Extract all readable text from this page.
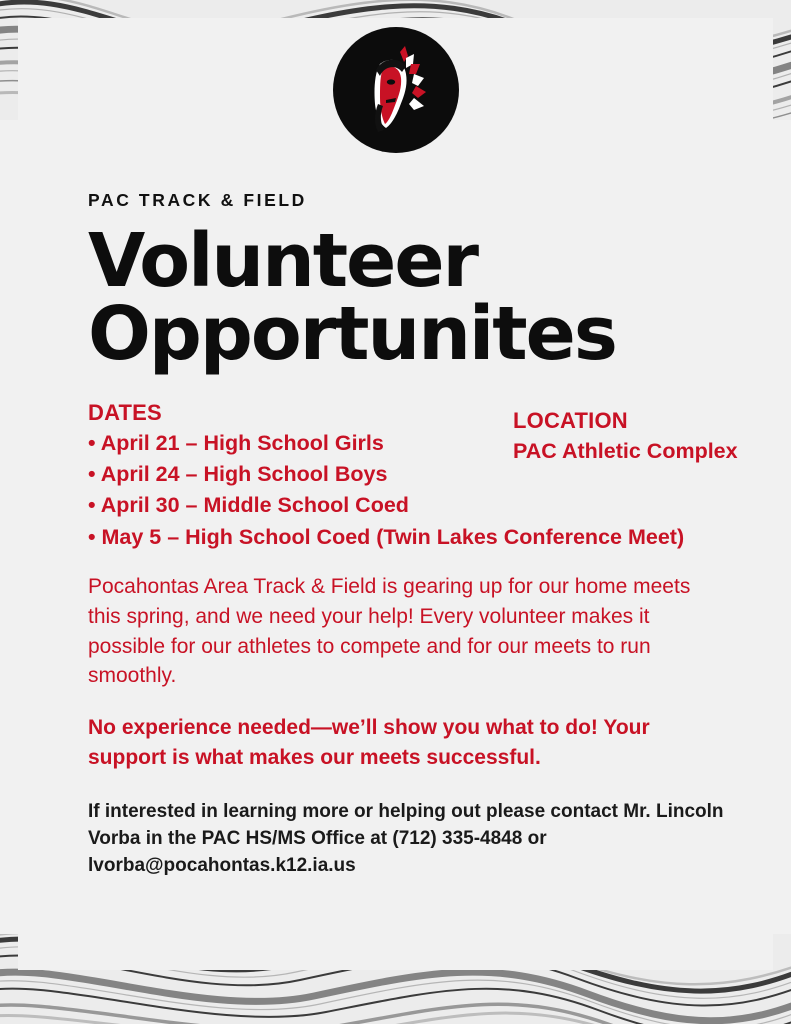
PAC TRACK & FIELD

Volunteer
Opportunites

DATES

• April 21 – High School Girls

• April 24 – High School Boys

• April 30 – Middle School Coed

• May 5 – High School Coed (Twin Lakes Conference Meet)

LOCATION

PAC Athletic Complex

Pocahontas Area Track & Field is gearing up for our home meets this spring, and we need your help! Every volunteer makes it possible for our athletes to compete and for our meets to run smoothly.

No experience needed—we’ll show you what to do! Your support is what makes our meets successful.

If interested in learning more or helping out please contact Mr. Lincoln Vorba in the PAC HS/MS Office at (712) 335-4848 or lvorba@pocahontas.k12.ia.us
